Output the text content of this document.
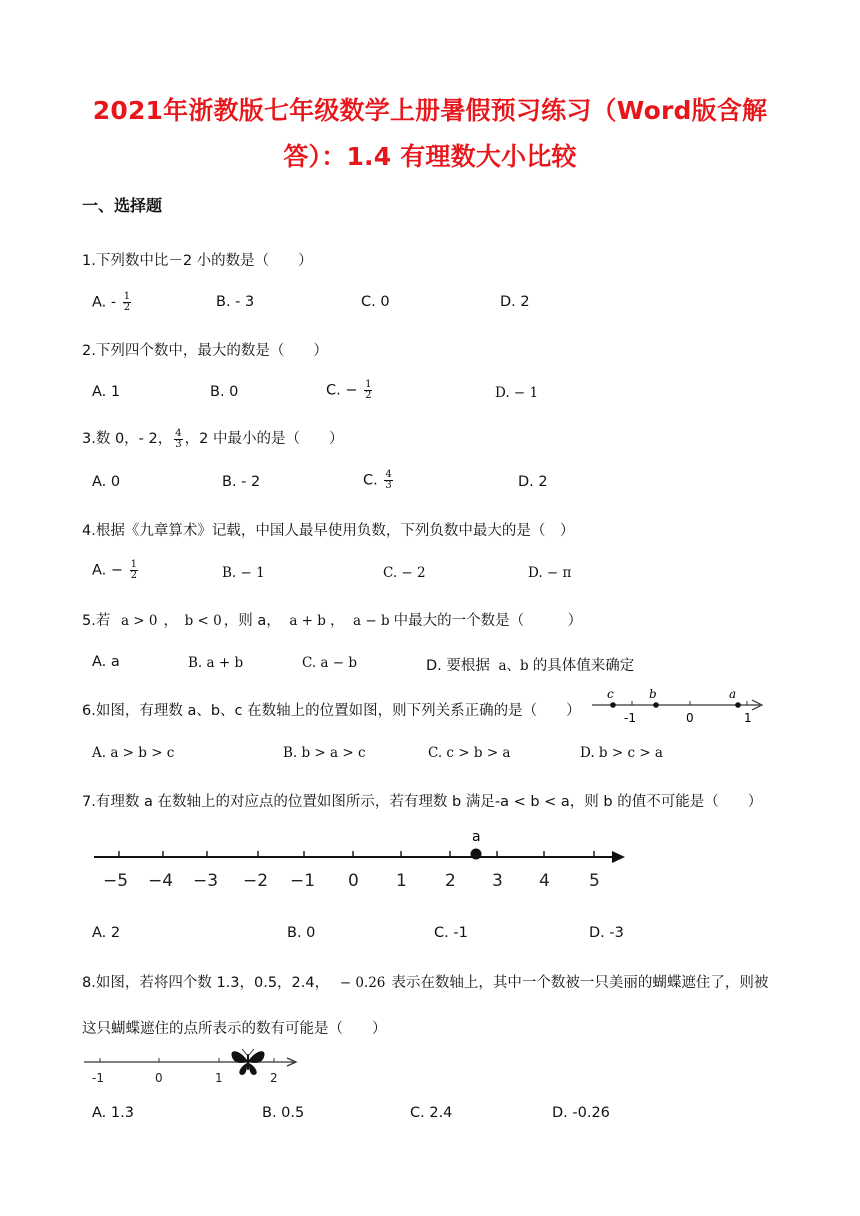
2021年浙教版七年级数学上册暑假预习练习（Word版含解
答）：1.4 有理数大小比较
一、选择题
1.下列数中比－2 小的数是（　　）
A. - $\frac{1}{2}$	B. - 3	C. 0	D. 2
2.下列四个数中，最大的数是（　　）
A. 1	B. 0	C. − $\frac{1}{2}$	D. − 1
3.数 0，- 2， $\frac{4}{3}$ ，2 中最小的是（　　）
A. 0	B. - 2	C. $\frac{4}{3}$	D. 2
4.根据《九章算术》记载，中国人最早使用负数，下列负数中最大的是（　）
A. − $\frac{1}{2}$	B. − 1	C. − 2	D. − π
5.若 a > 0 ， b < 0 ，则 a， a + b ， a − b 中最大的一个数是（　　　）
A. a	B. a + b	C. a − b	D. 要根据 a、b 的具体值来确定
6.如图，有理数 a、b、c 在数轴上的位置如图，则下列关系正确的是（　　）
c	b	a
-1	0	1
A. a > b > c	B. b > a > c	C. c > b > a	D. b > c > a
7.有理数 a 在数轴上的对应点的位置如图所示，若有理数 b 满足-a < b < a，则 b 的值不可能是（　　）
a
−5 −4 −3 −2 −1 0 1 2 3 4 5
A. 2	B. 0	C. -1	D. -3
8.如图，若将四个数 1.3，0.5，2.4， − 0.26 表示在数轴上，其中一个数被一只美丽的蝴蝶遮住了，则被
这只蝴蝶遮住的点所表示的数有可能是（　　）
-1	0	1	2
A. 1.3	B. 0.5	C. 2.4	D. -0.26
